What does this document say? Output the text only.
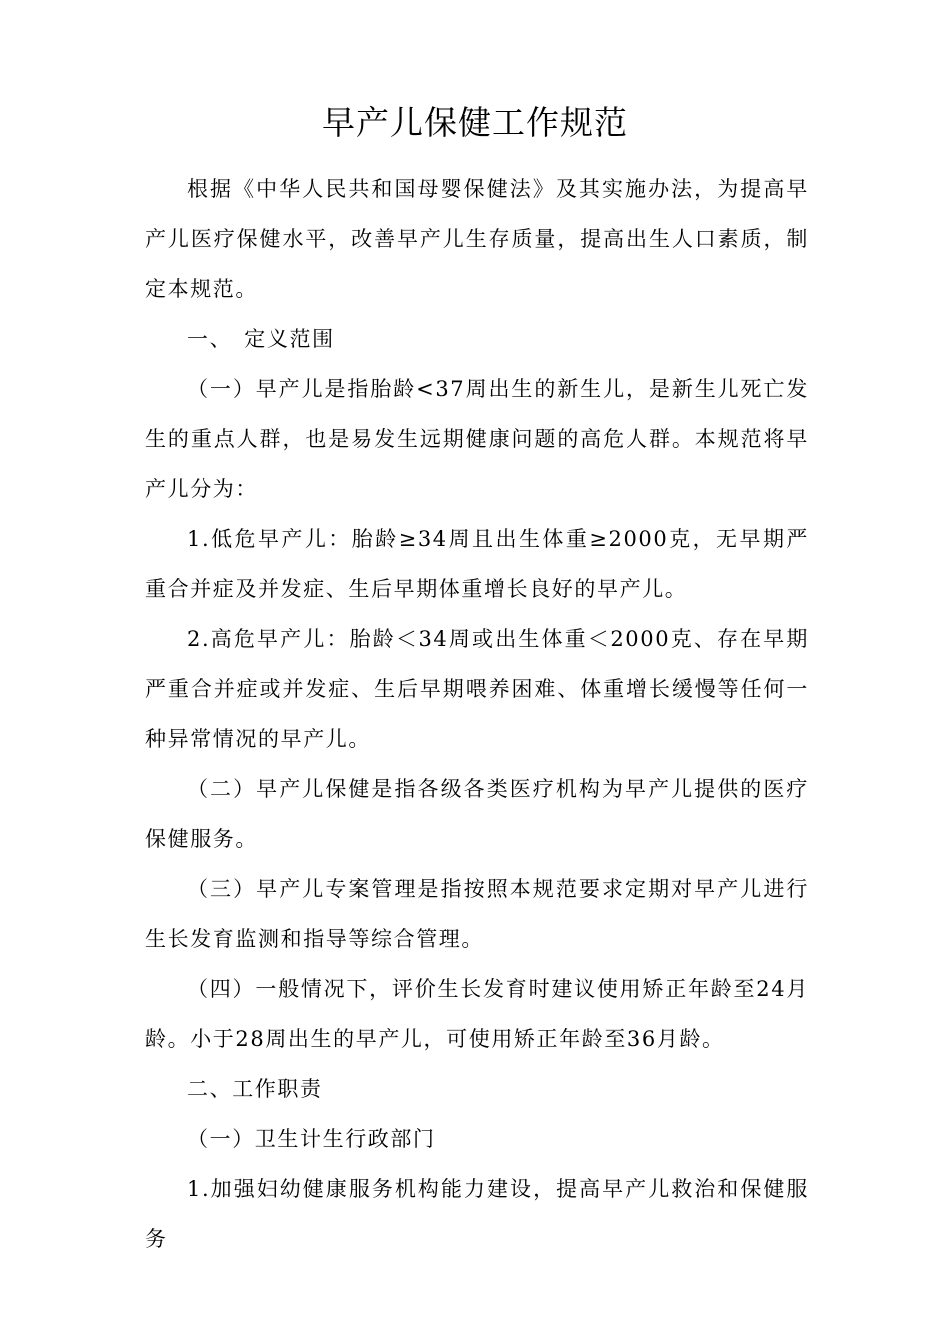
早产儿保健工作规范

根据《中华人民共和国母婴保健法》及其实施办法，为提高早产儿医疗保健水平，改善早产儿生存质量，提高出生人口素质，制定本规范。

一、　定义范围

（一）早产儿是指胎龄<37周出生的新生儿，是新生儿死亡发生的重点人群，也是易发生远期健康问题的高危人群。本规范将早产儿分为：

1.低危早产儿：胎龄≥34周且出生体重≥2000克，无早期严重合并症及并发症、生后早期体重增长良好的早产儿。

2.高危早产儿：胎龄＜34周或出生体重＜2000克、存在早期严重合并症或并发症、生后早期喂养困难、体重增长缓慢等任何一种异常情况的早产儿。

（二）早产儿保健是指各级各类医疗机构为早产儿提供的医疗保健服务。

（三）早产儿专案管理是指按照本规范要求定期对早产儿进行生长发育监测和指导等综合管理。

（四）一般情况下，评价生长发育时建议使用矫正年龄至24月龄。小于28周出生的早产儿，可使用矫正年龄至36月龄。

二、工作职责

（一）卫生计生行政部门

1.加强妇幼健康服务机构能力建设，提高早产儿救治和保健服务
